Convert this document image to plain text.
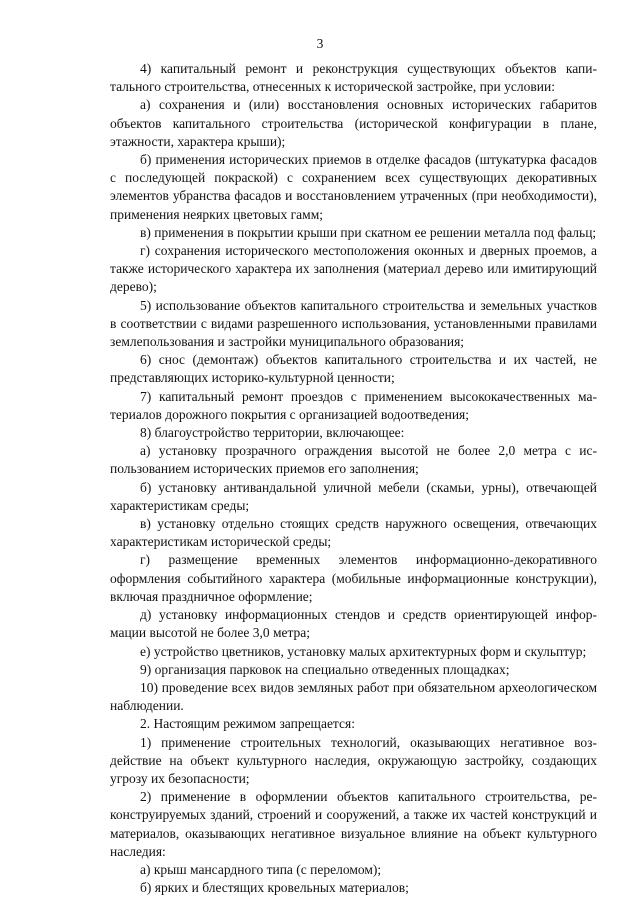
3

4) капитальный ремонт и реконструкция существующих объектов капитального строительства, отнесенных к исторической застройке, при условии:

а) сохранения и (или) восстановления основных исторических габаритов объектов капитального строительства (исторической конфигурации в плане, этажности, характера крыши);

б) применения исторических приемов в отделке фасадов (штукатурка фасадов с последующей покраской) с сохранением всех существующих декоративных элементов убранства фасадов и восстановлением утраченных (при необходимости), применения неярких цветовых гамм;

в) применения в покрытии крыши при скатном ее решении металла под фальц;

г) сохранения исторического местоположения оконных и дверных проемов, а также исторического характера их заполнения (материал дерево или имитирующий дерево);

5) использование объектов капитального строительства и земельных участков в соответствии с видами разрешенного использования, установленными правилами землепользования и застройки муниципального образования;

6) снос (демонтаж) объектов капитального строительства и их частей, не представляющих историко-культурной ценности;

7) капитальный ремонт проездов с применением высококачественных материалов дорожного покрытия с организацией водоотведения;

8) благоустройство территории, включающее:

а) установку прозрачного ограждения высотой не более 2,0 метра с использованием исторических приемов его заполнения;

б) установку антивандальной уличной мебели (скамьи, урны), отвечающей характеристикам среды;

в) установку отдельно стоящих средств наружного освещения, отвечающих характеристикам исторической среды;

г) размещение временных элементов информационно-декоративного оформления событийного характера (мобильные информационные конструкции), включая праздничное оформление;

д) установку информационных стендов и средств ориентирующей информации высотой не более 3,0 метра;

е) устройство цветников, установку малых архитектурных форм и скульптур;

9) организация парковок на специально отведенных площадках;

10) проведение всех видов земляных работ при обязательном археологическом наблюдении.

2. Настоящим режимом запрещается:

1) применение строительных технологий, оказывающих негативное воздействие на объект культурного наследия, окружающую застройку, создающих угрозу их безопасности;

2) применение в оформлении объектов капитального строительства, реконструируемых зданий, строений и сооружений, а также их частей конструкций и материалов, оказывающих негативное визуальное влияние на объект культурного наследия:

а) крыш мансардного типа (с переломом);

б) ярких и блестящих кровельных материалов;
